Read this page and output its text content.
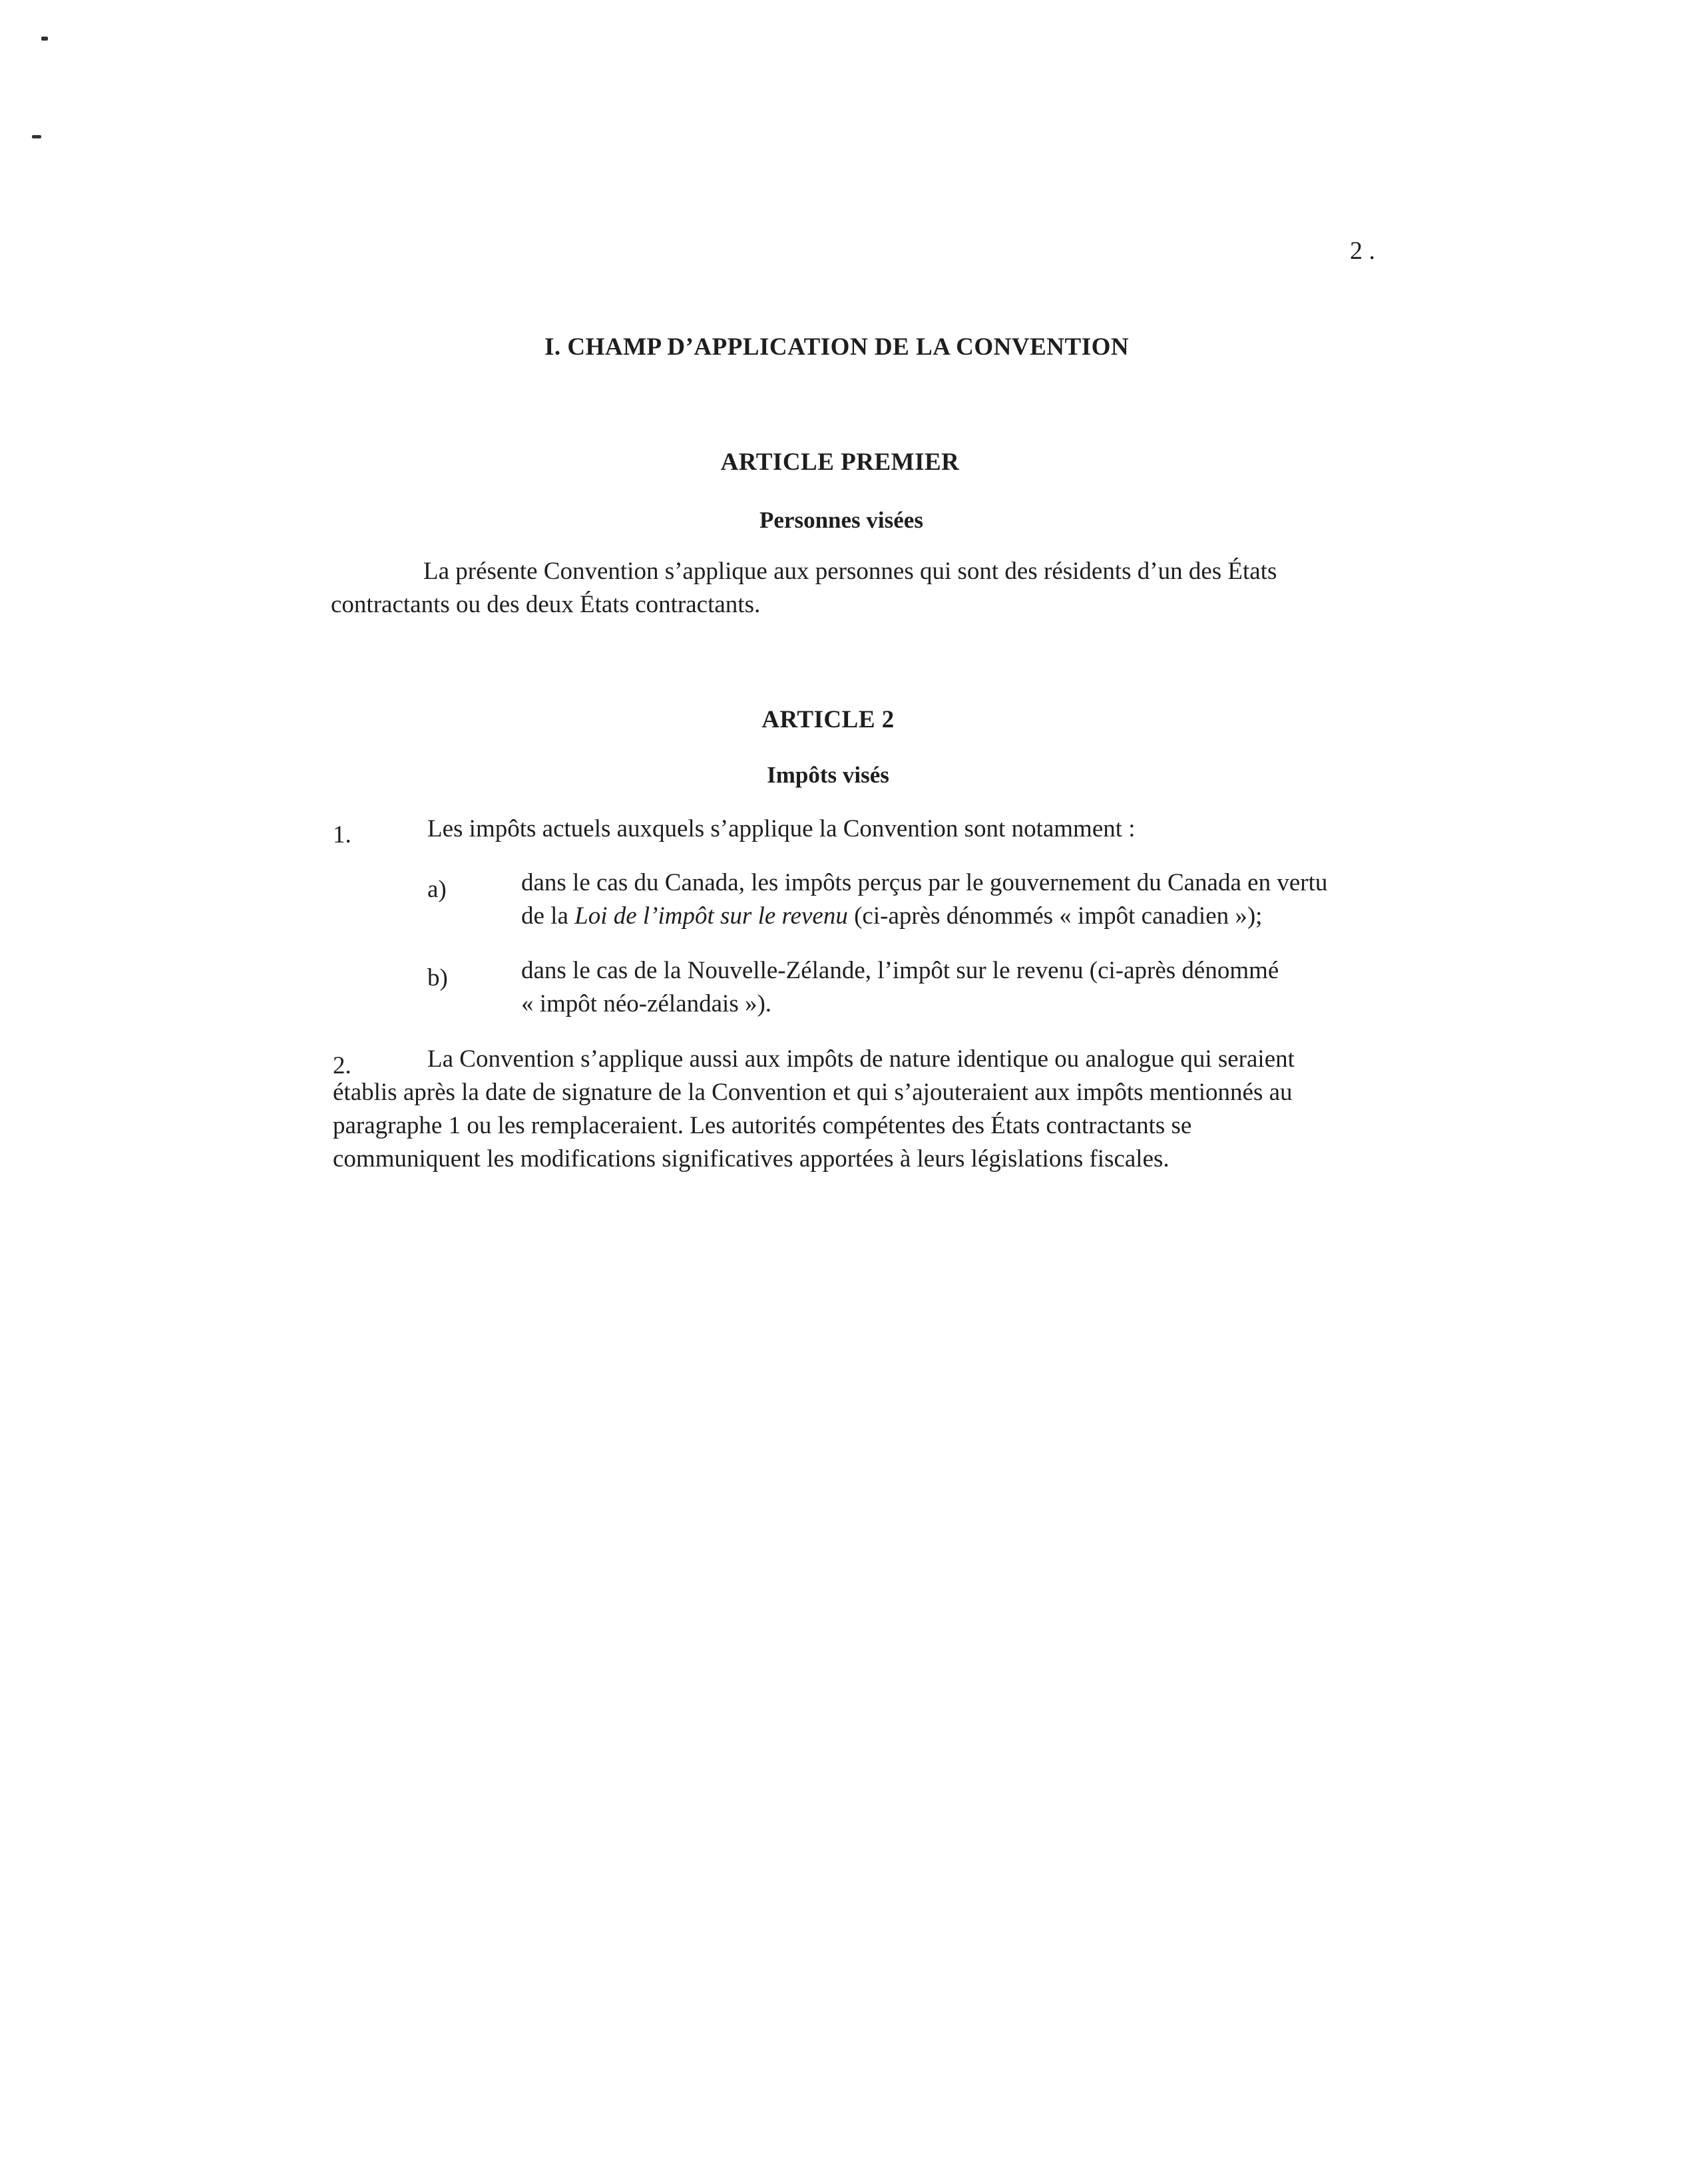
2 .
I. CHAMP D’APPLICATION DE LA CONVENTION
ARTICLE PREMIER
Personnes visées
La présente Convention s’applique aux personnes qui sont des résidents d’un des États
contractants ou des deux États contractants.
ARTICLE 2
Impôts visés
1.	Les impôts actuels auxquels s’applique la Convention sont notamment :
a)	dans le cas du Canada, les impôts perçus par le gouvernement du Canada en vertu
de la Loi de l’impôt sur le revenu (ci-après dénommés « impôt canadien »);
b)	dans le cas de la Nouvelle-Zélande, l’impôt sur le revenu (ci-après dénommé
« impôt néo-zélandais »).
2.	La Convention s’applique aussi aux impôts de nature identique ou analogue qui seraient
établis après la date de signature de la Convention et qui s’ajouteraient aux impôts mentionnés au
paragraphe 1 ou les remplaceraient. Les autorités compétentes des États contractants se
communiquent les modifications significatives apportées à leurs législations fiscales.
